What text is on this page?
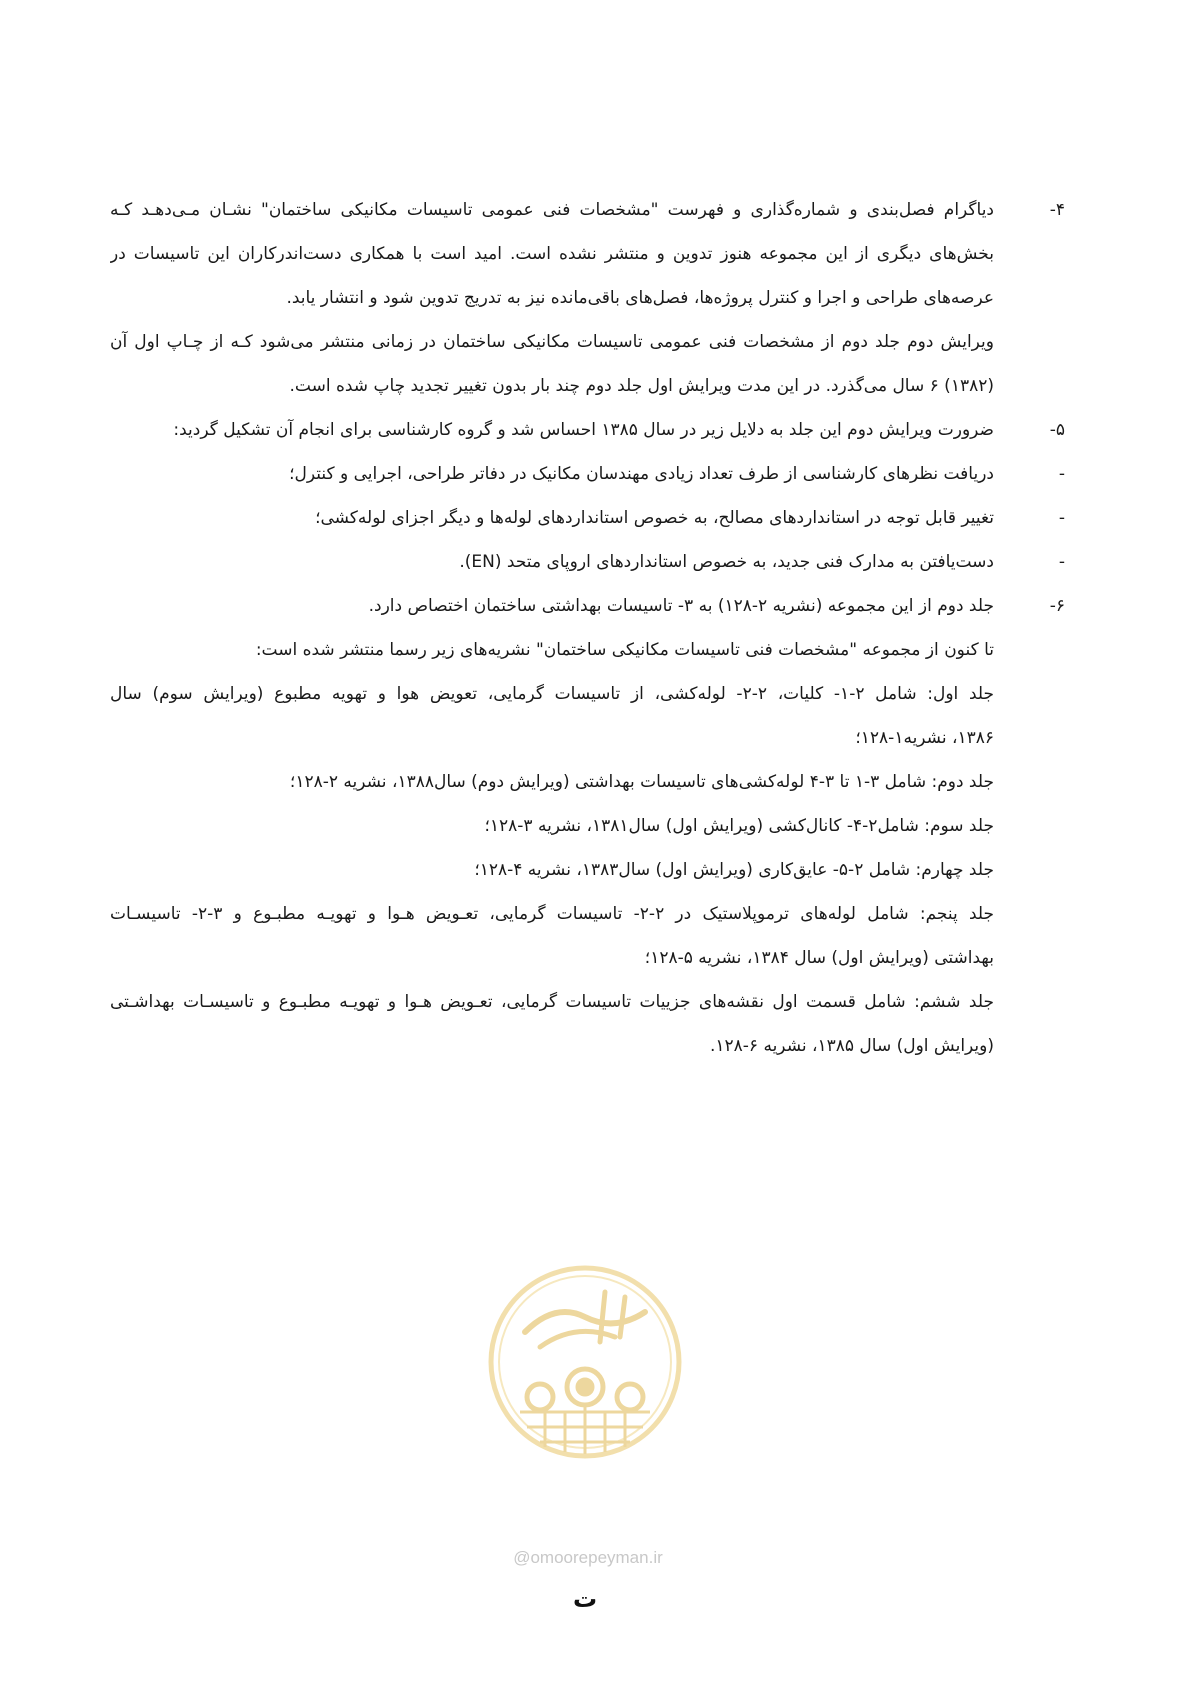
۴-
دیاگرام فصل‌بندی و شماره‌گذاری و فهرست "مشخصات فنی عمومی تاسیسات مکانیکی ساختمان" نشـان مـی‌دهـد کـه
بخش‌های دیگری از این مجموعه هنوز تدوین و منتشر نشده است. امید است با همکاری دست‌اندرکاران این تاسیسات در
عرصه‌های طراحی و اجرا و کنترل پروژه‌ها، فصل‌های باقی‌مانده نیز به تدریج تدوین شود و انتشار یابد.
ویرایش دوم جلد دوم از مشخصات فنی عمومی تاسیسات مکانیکی ساختمان در زمانی منتشر می‌شود کـه از چـاپ اول آن
(۱۳۸۲) ۶ سال می‌گذرد. در این مدت ویرایش اول جلد دوم چند بار بدون تغییر تجدید چاپ شده است.
۵-
ضرورت ویرایش دوم این جلد به دلایل زیر در سال ۱۳۸۵ احساس شد و گروه کارشناسی برای انجام آن تشکیل گردید:
-
دریافت نظرهای کارشناسی از طرف تعداد زیادی مهندسان مکانیک در دفاتر طراحی، اجرایی و کنترل؛
-
تغییر قابل توجه در استانداردهای مصالح، به خصوص استانداردهای لوله‌ها و دیگر اجزای لوله‌کشی؛
-
دست‌یافتن به مدارک فنی جدید، به خصوص استانداردهای اروپای متحد (EN).
۶-
جلد دوم از این مجموعه (نشریه ۲-۱۲۸) به ۳- تاسیسات بهداشتی ساختمان اختصاص دارد.
تا کنون از مجموعه "مشخصات فنی تاسیسات مکانیکی ساختمان" نشریه‌های زیر رسما منتشر شده است:
جلد اول: شامل ۲-۱- کلیات، ۲-۲- لوله‌کشی، از تاسیسات گرمایی، تعویض هوا و تهویه مطبوع (ویرایش سوم) سال
۱۳۸۶، نشریه۱-۱۲۸؛
جلد دوم: شامل ۳-۱ تا ۳-۴ لوله‌کشی‌های تاسیسات بهداشتی (ویرایش دوم) سال۱۳۸۸، نشریه ۲-۱۲۸؛
جلد سوم: شامل۲-۴- کانال‌کشی (ویرایش اول) سال۱۳۸۱، نشریه ۳-۱۲۸؛
جلد چهارم: شامل ۲-۵- عایق‌کاری (ویرایش اول) سال۱۳۸۳، نشریه ۴-۱۲۸؛
جلد پنجم: شامل لوله‌های ترموپلاستیک در ۲-۲- تاسیسات گرمایی، تعـویض هـوا و تهویـه مطبـوع و ۳-۲- تاسیسـات
بهداشتی (ویرایش اول) سال ۱۳۸۴، نشریه ۵-۱۲۸؛
جلد ششم: شامل قسمت اول نقشه‌های جزییات تاسیسات گرمایی، تعـویض هـوا و تهویـه مطبـوع و تاسیسـات بهداشـتی
(ویرایش اول) سال ۱۳۸۵، نشریه ۶-۱۲۸.
@omoorepeyman.ir
ت
